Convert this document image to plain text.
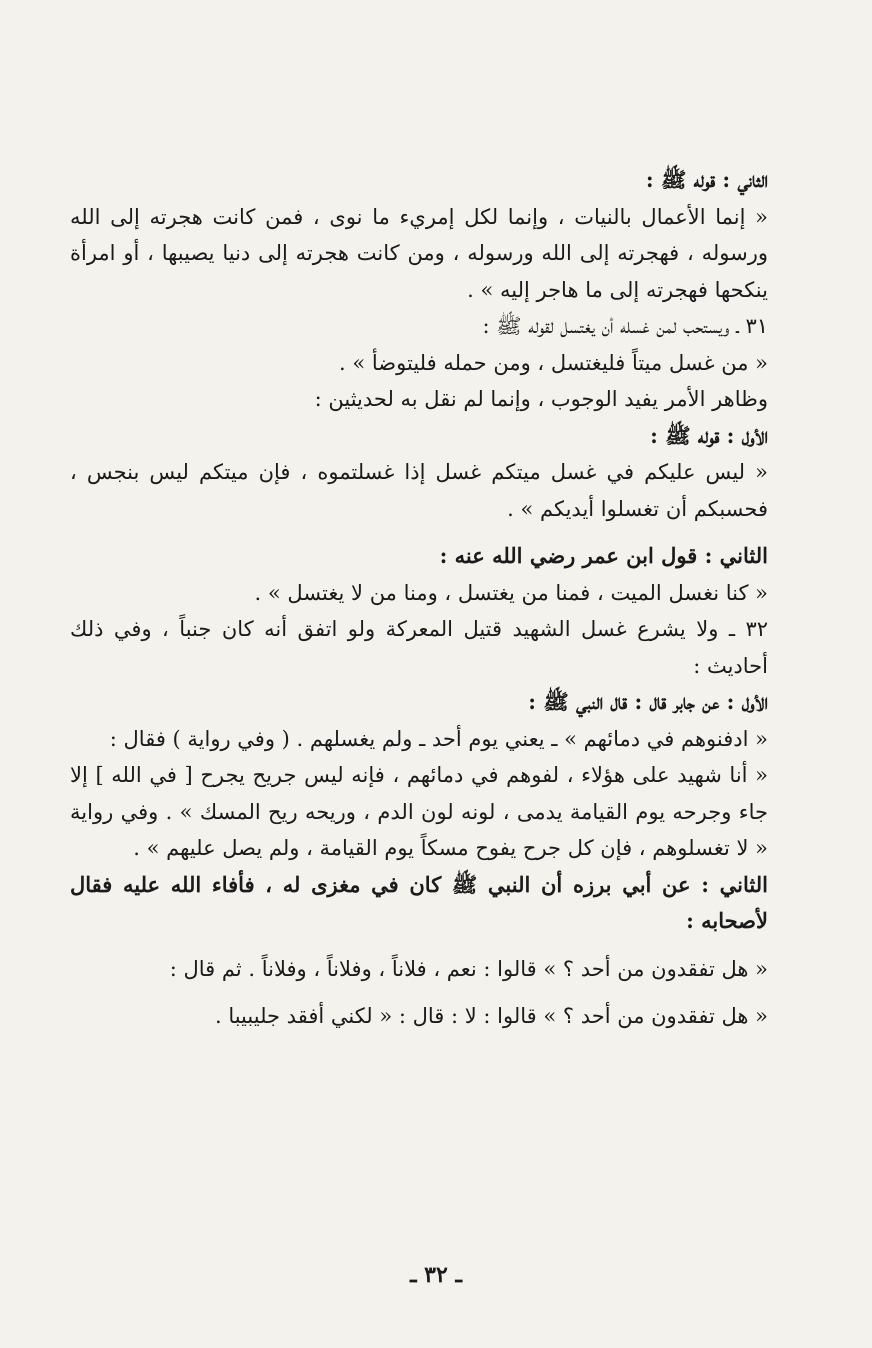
الثاني : قوله ﷺ :

« إنما الأعمال بالنيات ، وإنما لكل إمريء ما نوى ، فمن كانت هجرته إلى الله ورسوله ، فهجرته إلى الله ورسوله ، ومن كانت هجرته إلى دنيا يصيبها ، أو امرأة ينكحها فهجرته إلى ما هاجر إليه » .

٣١ ـ ويستحب لمن غسله أن يغتسل لقوله ﷺ :

« من غسل ميتاً فليغتسل ، ومن حمله فليتوضأ » .

وظاهر الأمر يفيد الوجوب ، وإنما لم نقل به لحديثين :

الأول : قوله ﷺ :

« ليس عليكم في غسل ميتكم غسل إذا غسلتموه ، فإن ميتكم ليس بنجس ، فحسبكم أن تغسلوا أيديكم » .

الثاني : قول ابن عمر رضي الله عنه :

« كنا نغسل الميت ، فمنا من يغتسل ، ومنا من لا يغتسل » .

٣٢ ـ ولا يشرع غسل الشهيد قتيل المعركة ولو اتفق أنه كان جنباً ، وفي ذلك أحاديث :

الأول : عن جابر قال : قال النبي ﷺ :

« ادفنوهم في دمائهم » ـ يعني يوم أحد ـ ولم يغسلهم . ( وفي رواية ) فقال :

« أنا شهيد على هؤلاء ، لفوهم في دمائهم ، فإنه ليس جريح يجرح [ في الله ] إلا جاء وجرحه يوم القيامة يدمى ، لونه لون الدم ، وريحه ريح المسك » . وفي رواية « لا تغسلوهم ، فإن كل جرح يفوح مسكاً يوم القيامة ، ولم يصل عليهم » .

الثاني : عن أبي برزه أن النبي ﷺ كان في مغزى له ، فأفاء الله عليه فقال لأصحابه :

« هل تفقدون من أحد ؟ » قالوا : نعم ، فلاناً ، وفلاناً ، وفلاناً . ثم قال :

« هل تفقدون من أحد ؟ » قالوا : لا : قال : « لكني أفقد جليبيبا .

ـ ٣٢ ـ
